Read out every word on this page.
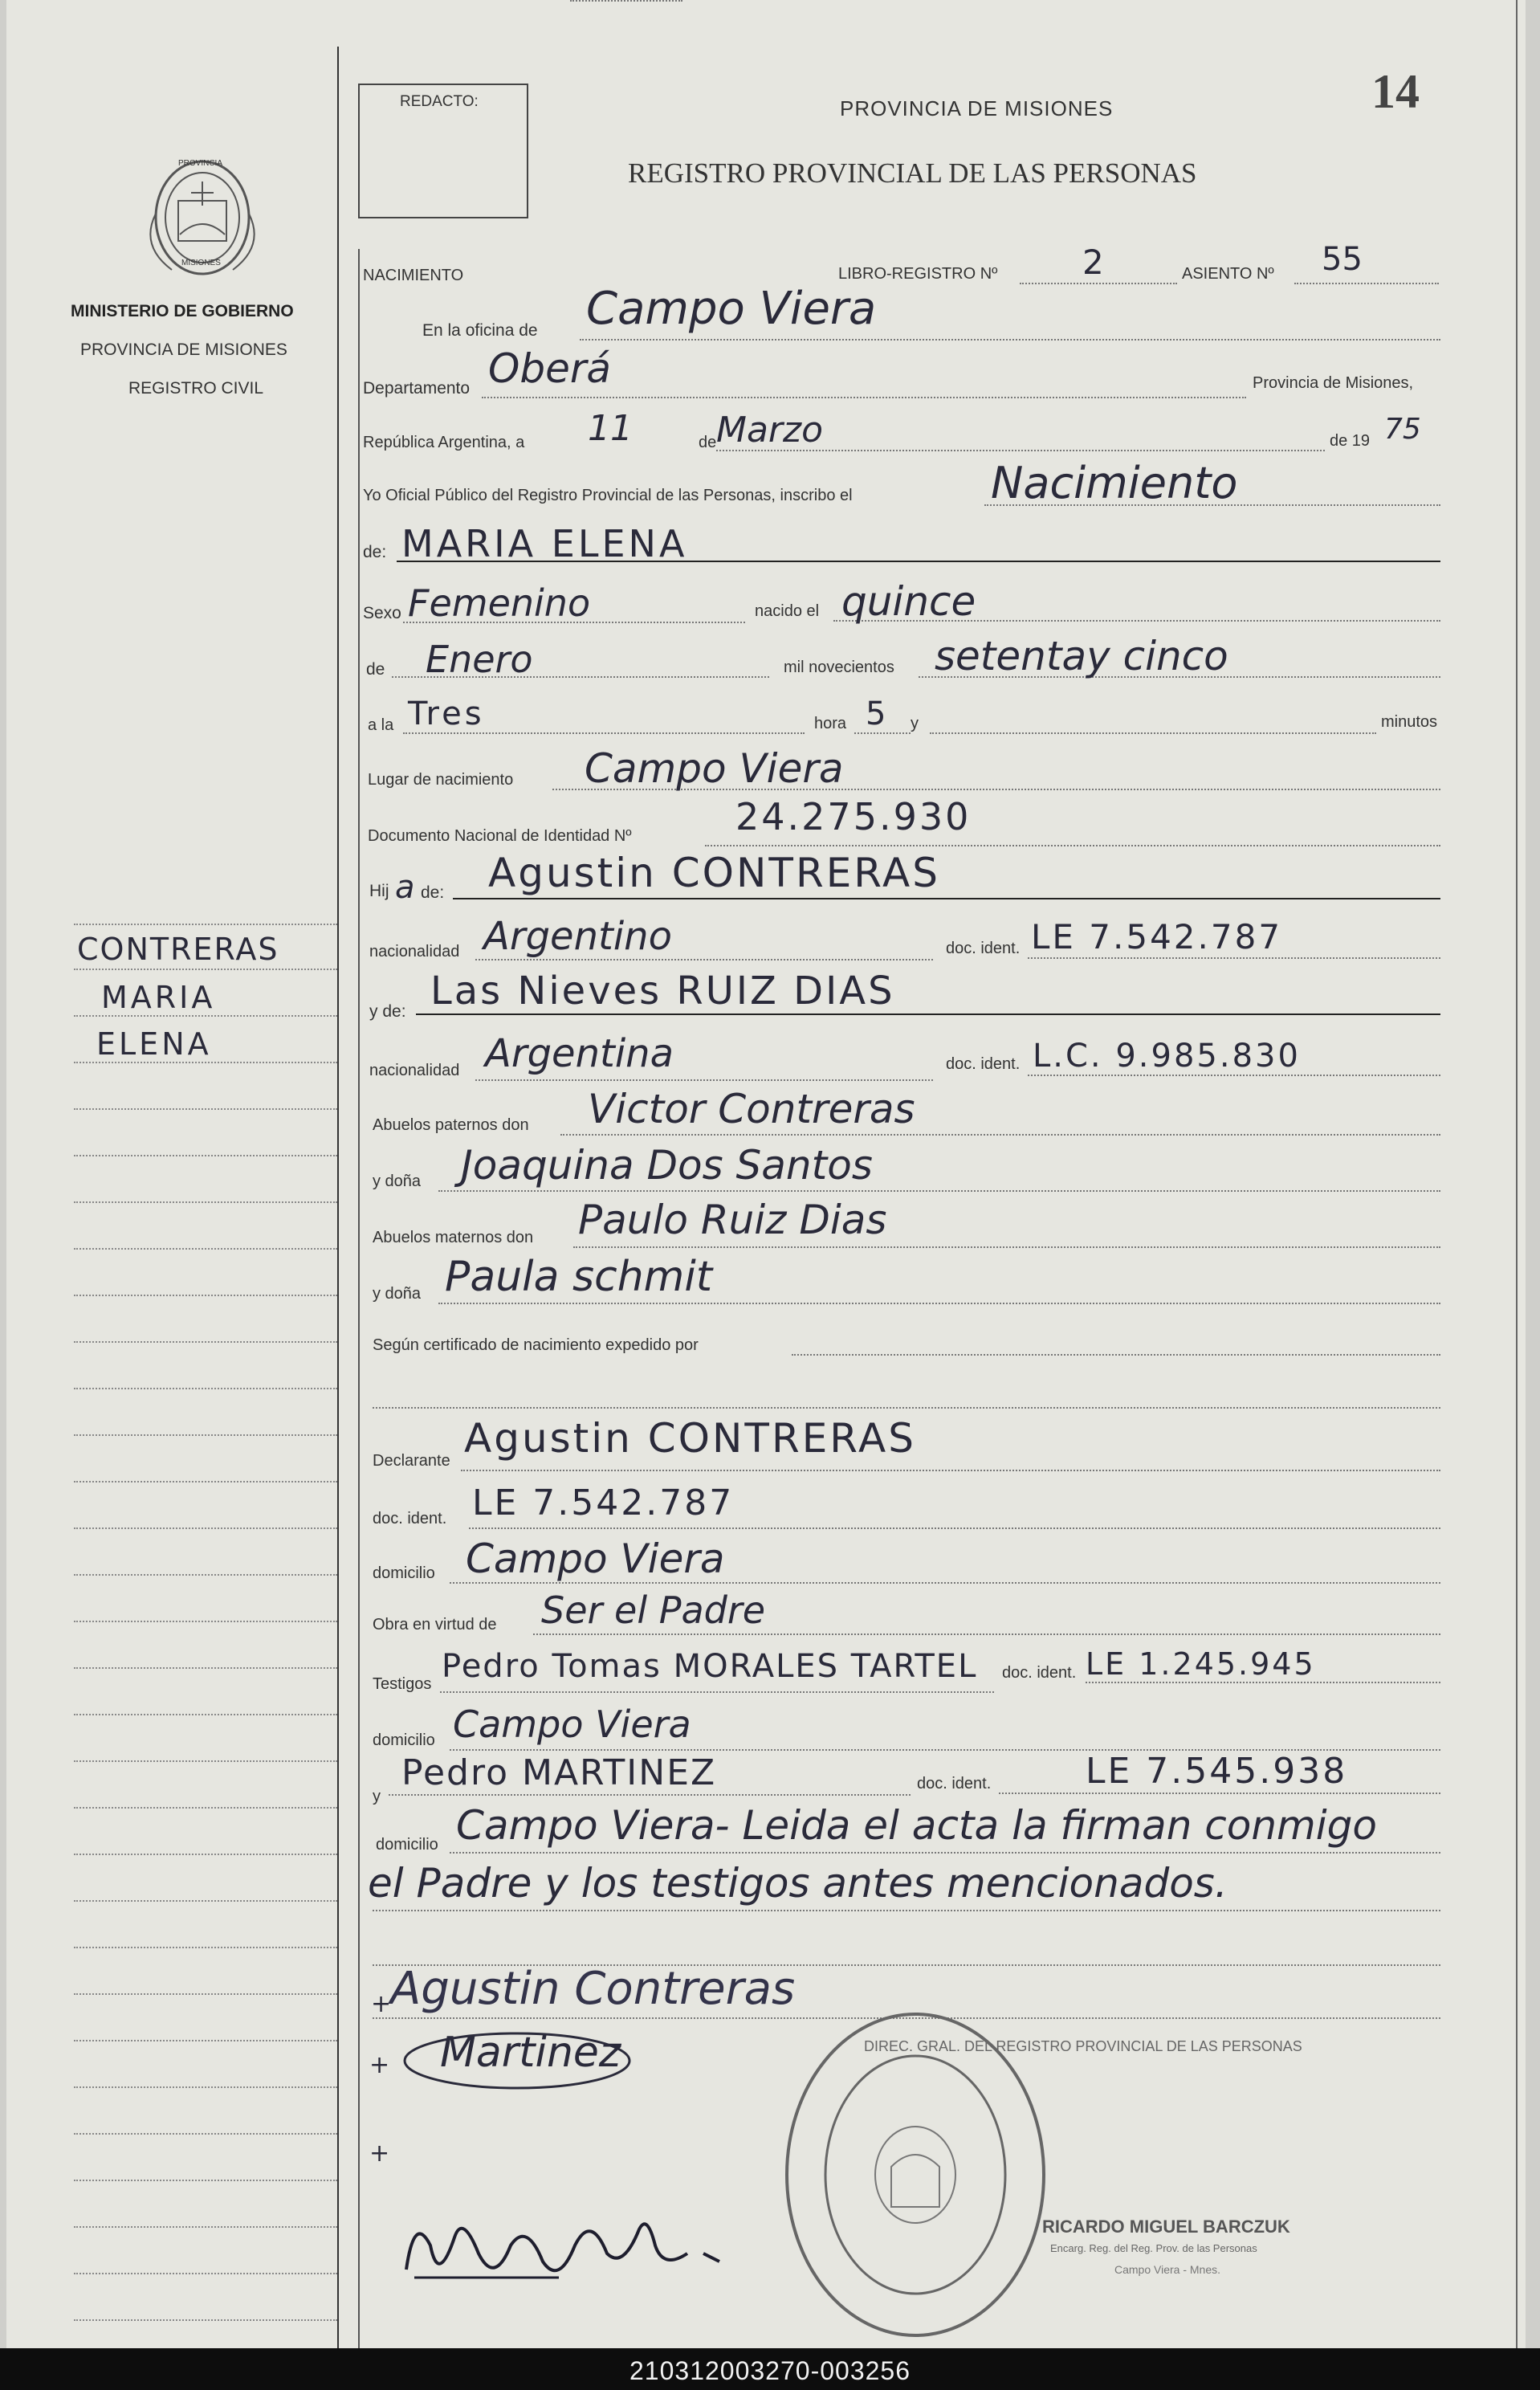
14
REDACTO:	PROVINCIA DE MISIONES
REGISTRO PROVINCIAL DE LAS PERSONAS
PROVINCIA
MISIONES
MINISTERIO DE GOBIERNO
PROVINCIA DE MISIONES
REGISTRO CIVIL
CONTRERAS
MARIA
ELENA
NACIMIENTO	LIBRO-REGISTRO Nº	2	ASIENTO Nº 55
En la oficina de Campo Viera
Departamento Oberá	Provincia de Misiones,
República Argentina, a 11	de Marzo	de 19 75
Yo Oficial Público del Registro Provincial de las Personas, inscribo el	Nacimiento
de: MARIA ELENA
Sexo Femenino	nacido el quince
de Enero	mil novecientos setentay cinco
a la Tres	hora 5 y	minutos
Lugar de nacimiento Campo Viera
Documento Nacional de Identidad Nº	24.275.930
Hij a de: Agustin CONTRERAS
nacionalidad Argentino	doc. ident. LE 7.542.787
y de: Las Nieves RUIZ DIAS
nacionalidad Argentina	doc. ident. L.C. 9.985.830
Abuelos paternos don Victor Contreras
y doña Joaquina Dos Santos
Abuelos maternos don Paulo Ruiz Dias
y doña Paula schmit
Según certificado de nacimiento expedido por
Declarante Agustin CONTRERAS
doc. ident. LE 7.542.787
domicilio Campo Viera
Obra en virtud de Ser el Padre
Testigos Pedro Tomas MORALES TARTEL doc. ident. LE 1.245.945
domicilio Campo Viera
y
Pedro MARTINEZ	doc. ident.	LE 7.545.938
domicilio Campo Viera- Leida el acta la firman conmigo
el Padre y los testigos antes mencionados.
+
Agustin Contreras
+ Martinez
+
DIREC. GRAL. DEL REGISTRO PROVINCIAL DE LAS PERSONAS
RICARDO MIGUEL BARCZUK
Encarg. Reg. del Reg. Prov. de las Personas
Campo Viera - Mnes.
210312003270-003256
